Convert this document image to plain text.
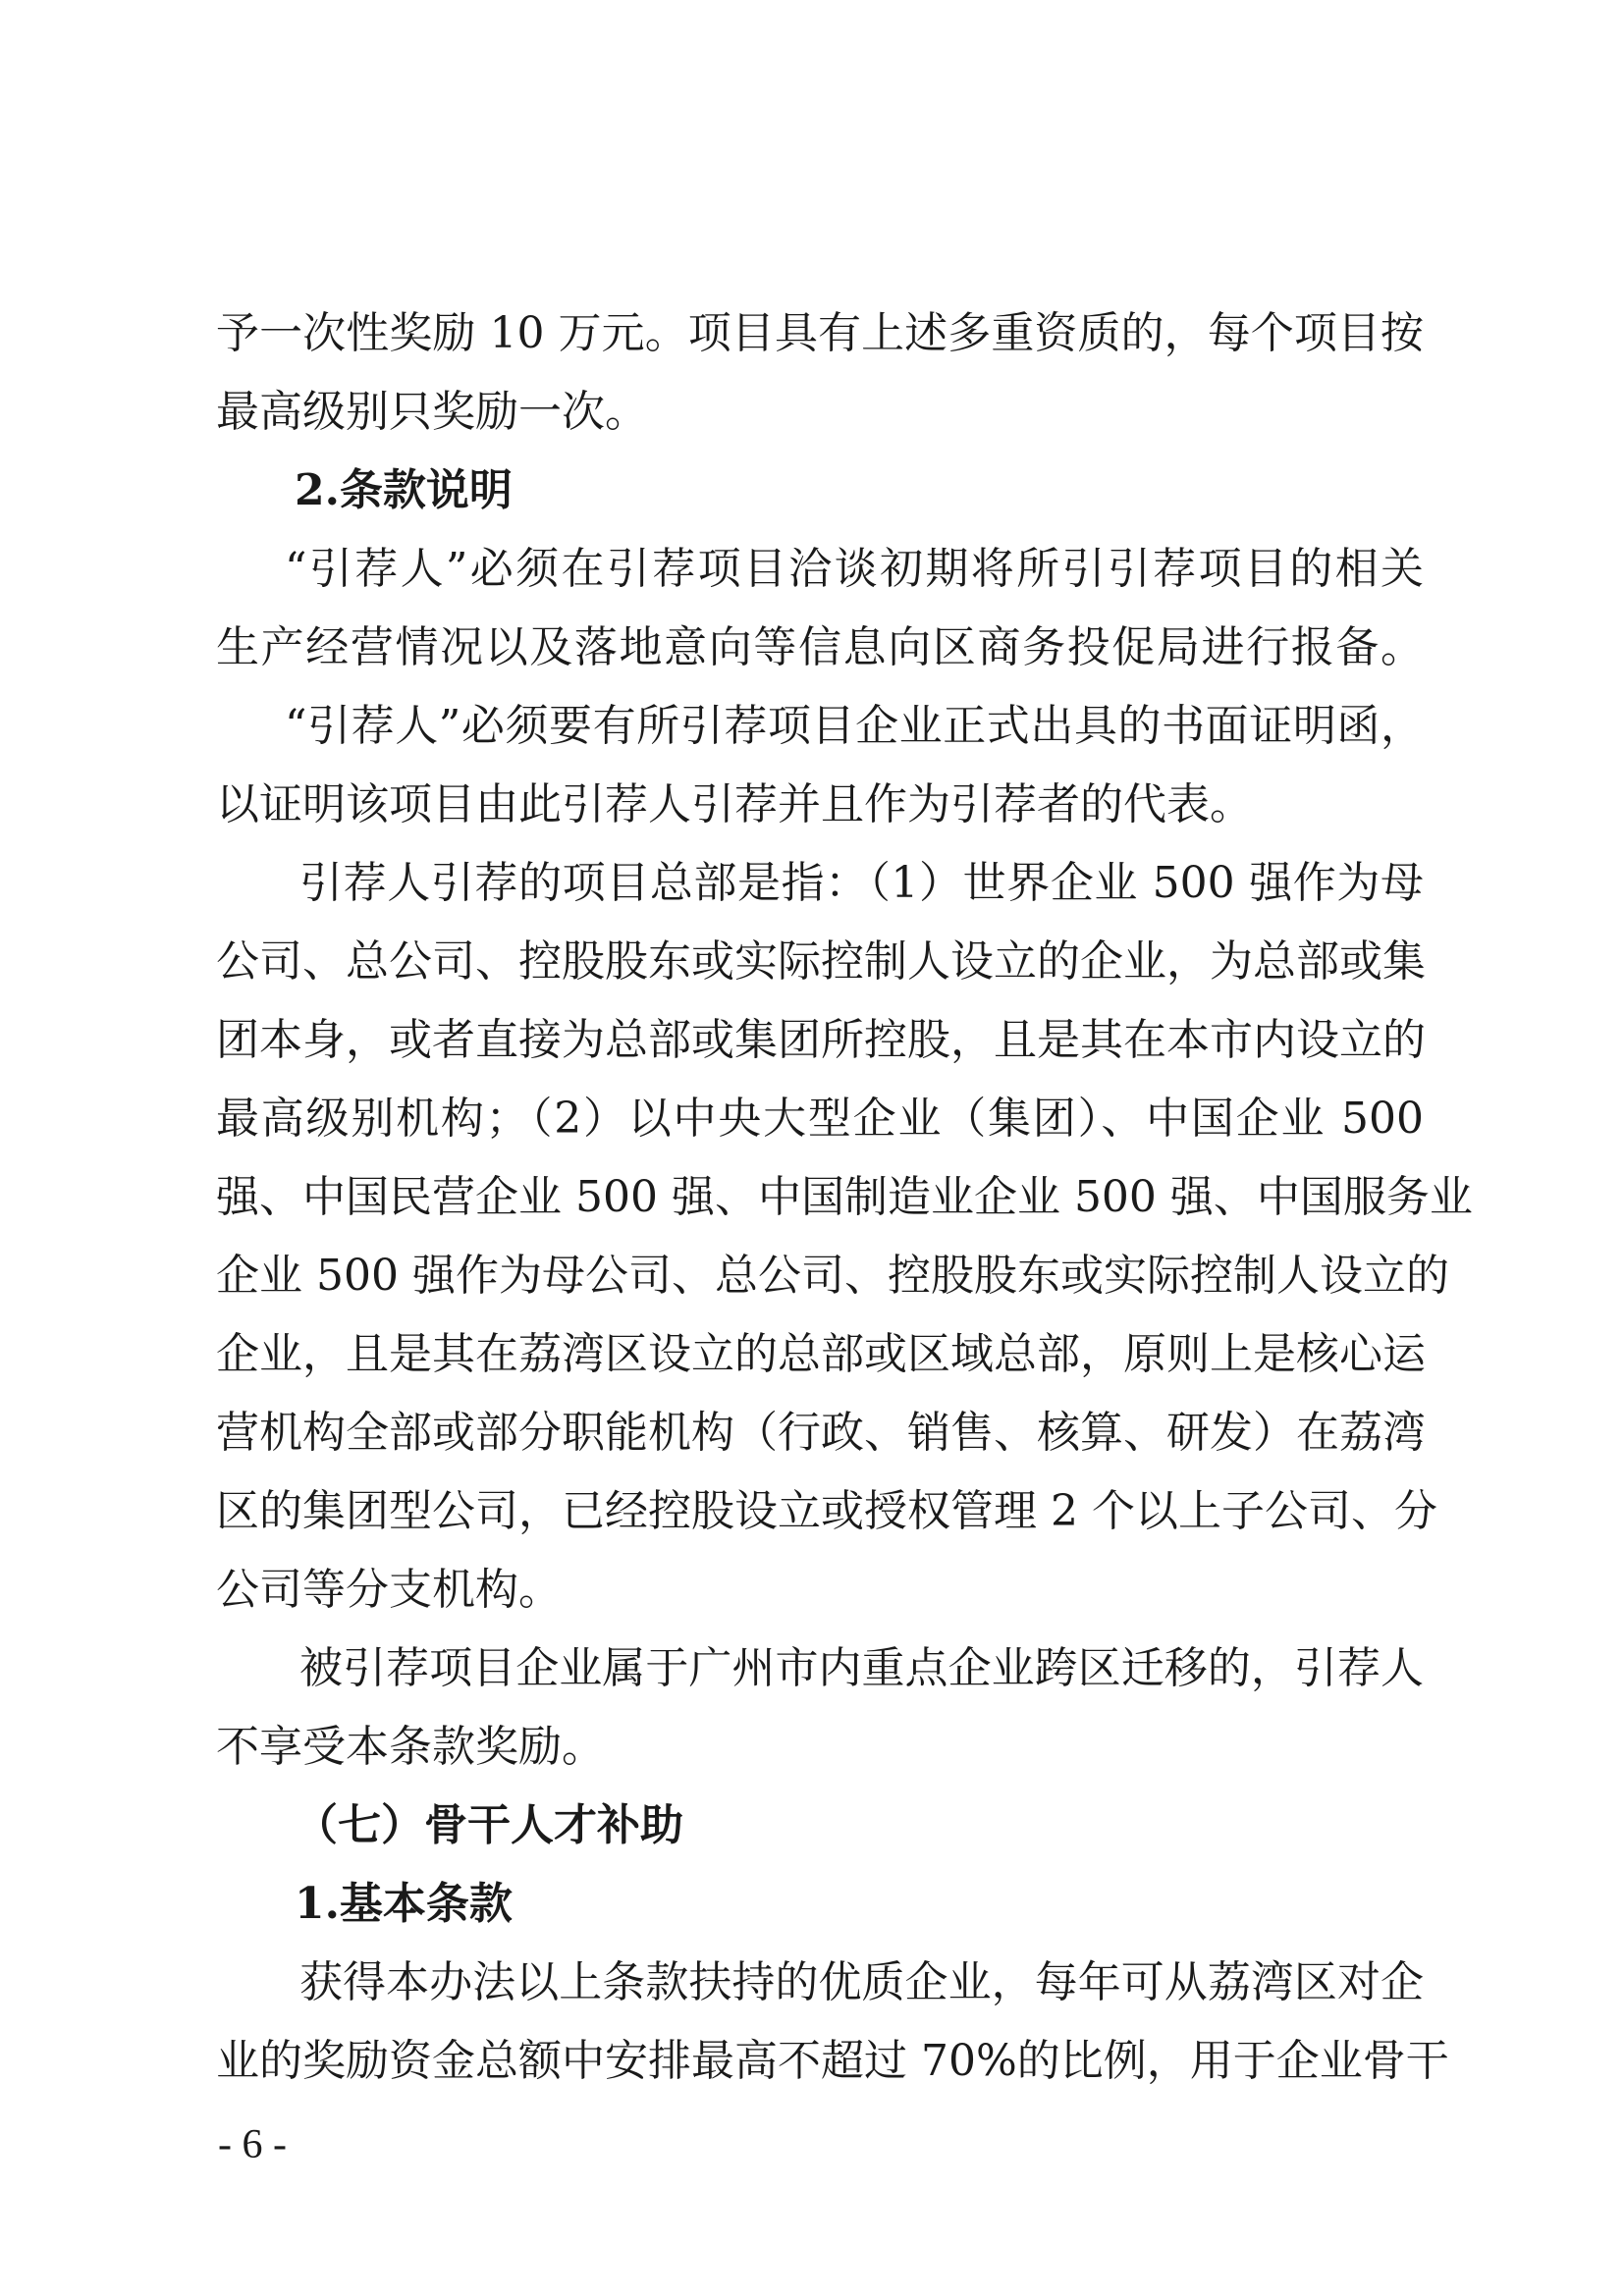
予一次性奖励 10 万元。项目具有上述多重资质的，每个项目按

最高级别只奖励一次。

2.条款说明

“引荐人”必须在引荐项目洽谈初期将所引引荐项目的相关

生产经营情况以及落地意向等信息向区商务投促局进行报备。

“引荐人”必须要有所引荐项目企业正式出具的书面证明函，

以证明该项目由此引荐人引荐并且作为引荐者的代表。

引荐人引荐的项目总部是指：（1）世界企业 500 强作为母

公司、总公司、控股股东或实际控制人设立的企业，为总部或集

团本身，或者直接为总部或集团所控股，且是其在本市内设立的

最高级别机构；（2）以中央大型企业（集团）、中国企业 500

强、中国民营企业 500 强、中国制造业企业 500 强、中国服务业

企业 500 强作为母公司、总公司、控股股东或实际控制人设立的

企业，且是其在荔湾区设立的总部或区域总部，原则上是核心运

营机构全部或部分职能机构（行政、销售、核算、研发）在荔湾

区的集团型公司，已经控股设立或授权管理 2 个以上子公司、分

公司等分支机构。

被引荐项目企业属于广州市内重点企业跨区迁移的，引荐人

不享受本条款奖励。

（七）骨干人才补助

1.基本条款

获得本办法以上条款扶持的优质企业，每年可从荔湾区对企

业的奖励资金总额中安排最高不超过 70%的比例，用于企业骨干

- 6 -
